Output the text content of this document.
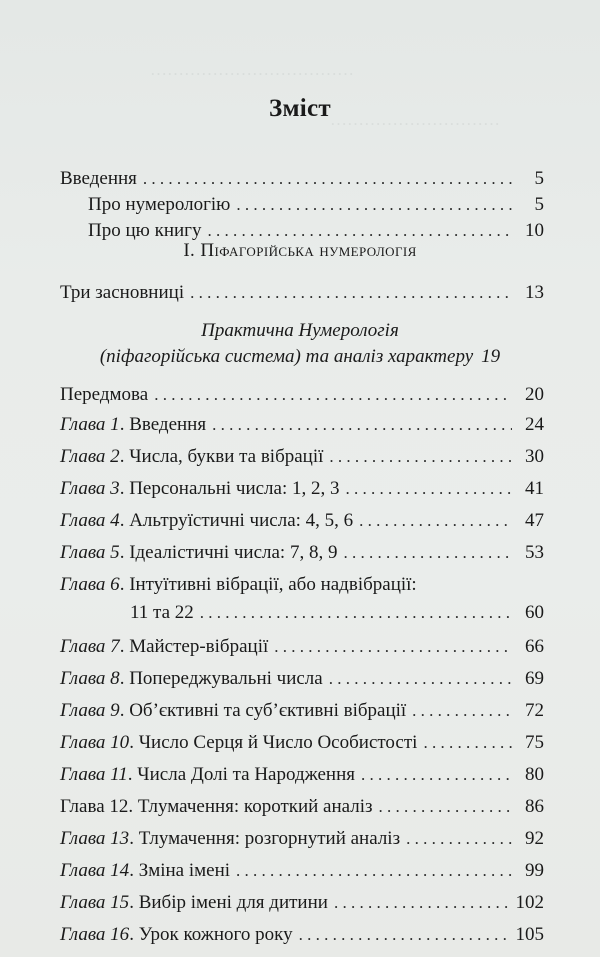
………………………………
…………………………
Зміст
Введення . . .	5
Про нумерологію . . .	5
Про цю книгу . . .	10
I. Піфагорійська нумерологія
Три засновниці . . .	13
Практична Нумерологія
(піфагорійська система) та аналіз характеру 19
Передмова . . .	20
Глава 1. Введення . . .	24
Глава 2. Числа, букви та вібрації . . .	30
Глава 3. Персональні числа: 1, 2, 3 . . .	41
Глава 4. Альтруїстичні числа: 4, 5, 6 . . .	47
Глава 5. Ідеалістичні числа: 7, 8, 9 . . .	53
Глава 6. Інтуїтивні вібрації, або надвібрації:
11 та 22 . . .	60
Глава 7. Майстер-вібрації . . .	66
Глава 8. Попереджувальні числа . . .	69
Глава 9. Об’єктивні та суб’єктивні вібрації . . .	72
Глава 10. Число Серця й Число Особистості . . .	75
Глава 11. Числа Долі та Народження . . .	80
Глава 12. Тлумачення: короткий аналіз . . .	86
Глава 13. Тлумачення: розгорнутий аналіз . . .	92
Глава 14. Зміна імені . . .	99
Глава 15. Вибір імені для дитини . . .	102
Глава 16. Урок кожного року . . .	105
